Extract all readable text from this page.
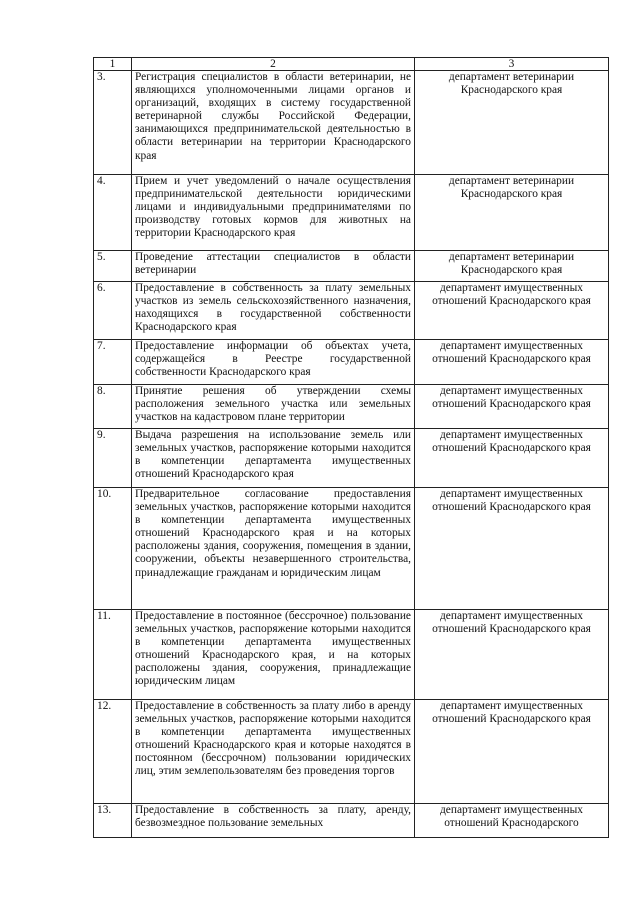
1	2	3
3.	Регистрация специалистов в области ветеринарии, не являющихся уполномоченными лицами органов и организаций, входящих в систему государственной ветеринарной службы Российской Федерации, занимающихся предпринимательской деятельностью в области ветеринарии на территории Краснодарского края	департамент ветеринарии Краснодарского края
4.	Прием и учет уведомлений о начале осуществления предпринимательской деятельности юридическими лицами и индивидуальными предпринимателями по производству готовых кормов для животных на территории Краснодарского края	департамент ветеринарии Краснодарского края
5.	Проведение аттестации специалистов в области ветеринарии	департамент ветеринарии Краснодарского края
6.	Предоставление в собственность за плату земельных участков из земель сельскохозяйственного назначения, находящихся в государственной собственности Краснодарского края	департамент имущественных отношений Краснодарского края
7.	Предоставление информации об объектах учета, содержащейся в Реестре государственной собственности Краснодарского края	департамент имущественных отношений Краснодарского края
8.	Принятие решения об утверждении схемы расположения земельного участка или земельных участков на кадастровом плане территории	департамент имущественных отношений Краснодарского края
9.	Выдача разрешения на использование земель или земельных участков, распоряжение которыми находится в компетенции департамента имущественных отношений Краснодарского края	департамент имущественных отношений Краснодарского края
10.	Предварительное согласование предоставления земельных участков, распоряжение которыми находится в компетенции департамента имущественных отношений Краснодарского края и на которых расположены здания, сооружения, помещения в здании, сооружении, объекты незавершенного строительства, принадлежащие гражданам и юридическим лицам	департамент имущественных отношений Краснодарского края
11.	Предоставление в постоянное (бессрочное) пользование земельных участков, распоряжение которыми находится в компетенции департамента имущественных отношений Краснодарского края, и на которых расположены здания, сооружения, принадлежащие юридическим лицам	департамент имущественных отношений Краснодарского края
12.	Предоставление в собственность за плату либо в аренду земельных участков, распоряжение которыми находится в компетенции департамента имущественных отношений Краснодарского края и которые находятся в постоянном (бессрочном) пользовании юридических лиц, этим землепользователям без проведения торгов	департамент имущественных отношений Краснодарского края
13.	Предоставление в собственность за плату, аренду, безвозмездное пользование земельных	департамент имущественных отношений Краснодарского
